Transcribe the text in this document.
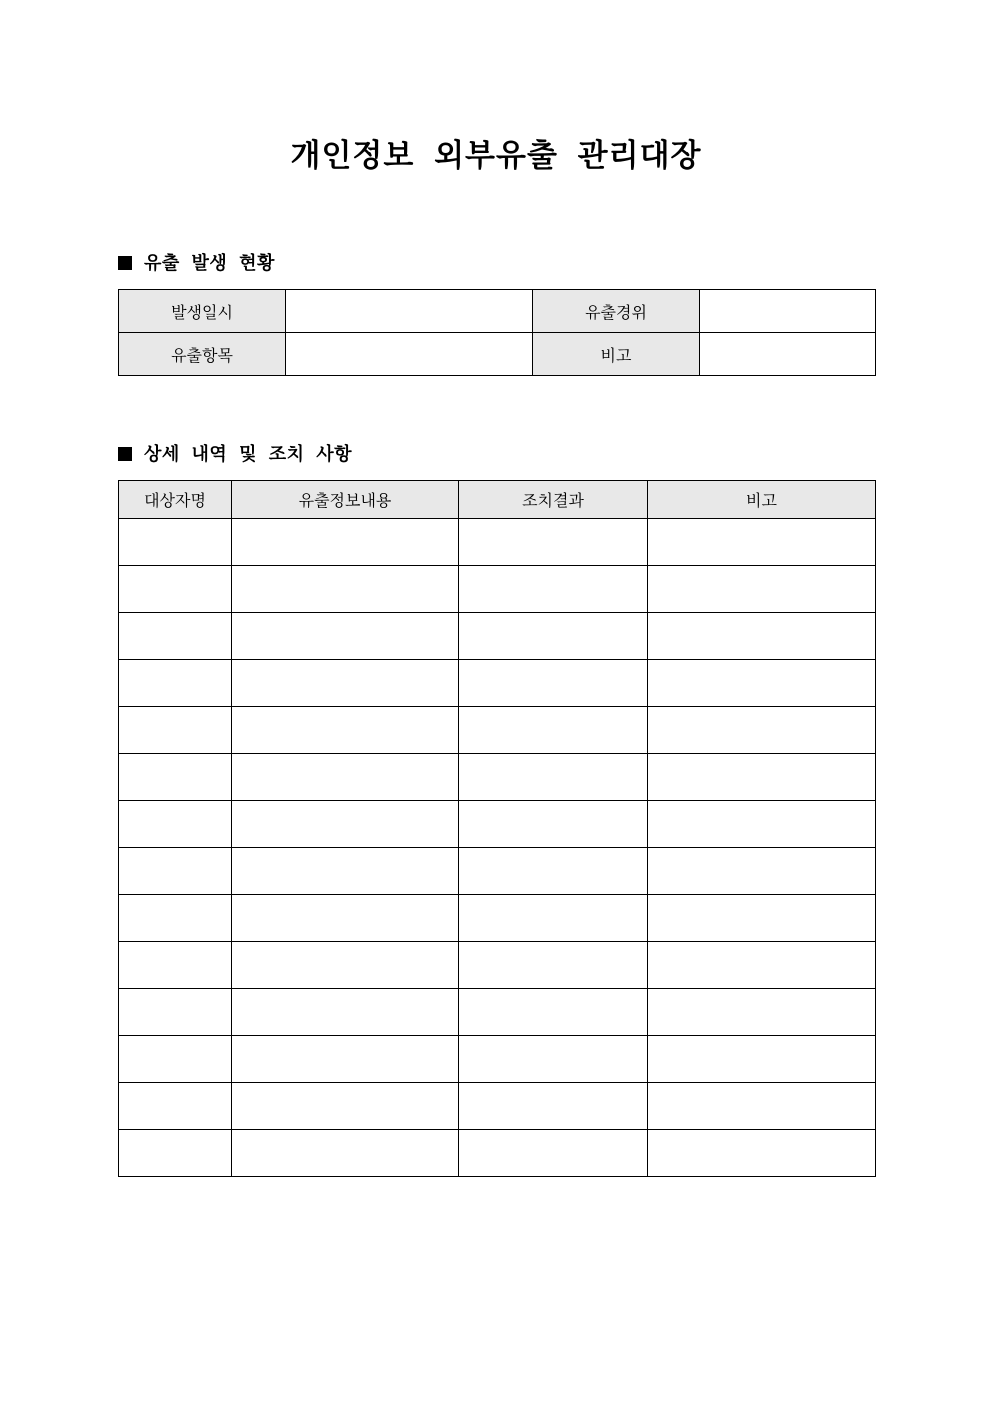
개인정보 외부유출 관리대장
유출 발생 현황
발생일시		유출경위	
유출항목		비고	
상세 내역 및 조치 사항
대상자명	유출정보내용	조치결과	비고
